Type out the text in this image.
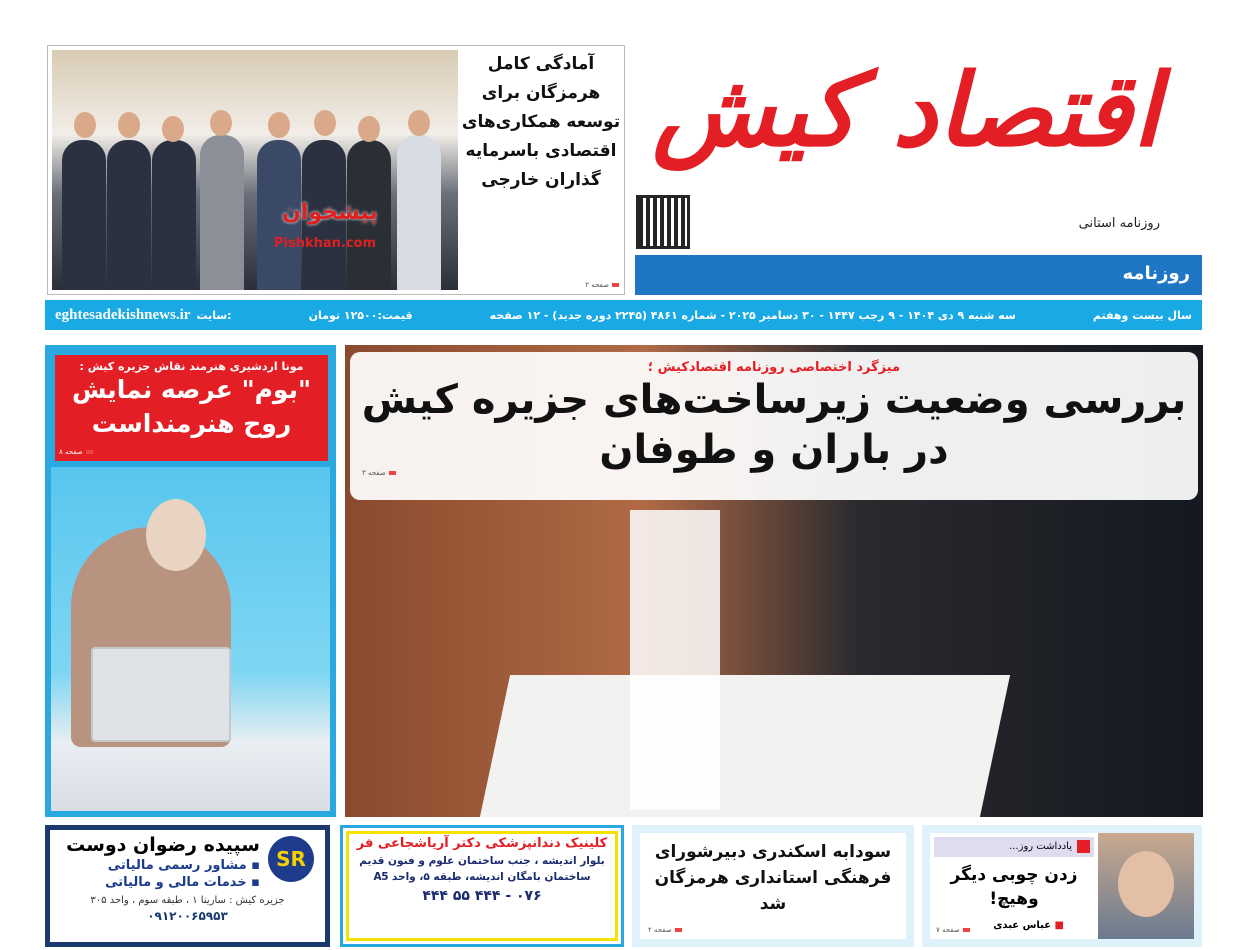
پیشخوان
Pishkhan.com
آمادگی کامل هرمزگان برای توسعه همکاری‌های اقتصادی باسرمایه گذاران خارجی
صفحه ۲
اقتصاد کیش
روزنامه استانی
روزنامه
سال بیست وهفتم
سه شنبه ۹ دی ۱۴۰۴ - ۹ رجب ۱۴۴۷ - ۳۰ دسامبر ۲۰۲۵ - شماره ۴۸۶۱ (۲۲۴۵ دوره جدید) - ۱۲ صفحه
قیمت:۱۲۵۰۰ تومان
سایت:
eghtesadekishnews.ir
مونا اردشیری هنرمند نقاش جزیره کیش :
"بوم" عرصه نمایش روح هنرمنداست
صفحه ۸
میزگرد اختصاصی روزنامه اقتصادکیش ؛
بررسی وضعیت زیرساخت‌های جزیره کیش
در باران و طوفان
صفحه ۳
SR
سپیده رضوان دوست
▪ مشاور رسمی مالیاتی
▪ خدمات مالی و مالیاتی
جزیره کیش : سارینا ۱ ، طبقه سوم ، واحد ۳۰۵
۰۹۱۲۰۰۶۵۹۵۳
کلینیک دندانپزشکی دکتر آریاشجاعی فر
بلوار اندیشه ، جنب ساختمان علوم و فنون قدیم
ساختمان بامگان اندیشه، طبقه ۵، واحد A5
۰۷۶ - ۴۴۴ ۵۵ ۴۴۴
سودابه اسکندری دبیرشورای فرهنگی استانداری هرمزگان شد
صفحه ۲
یادداشت روز...
زدن چوبی دیگر
وهیچ!
■ عباس عبدی
صفحه ۷
